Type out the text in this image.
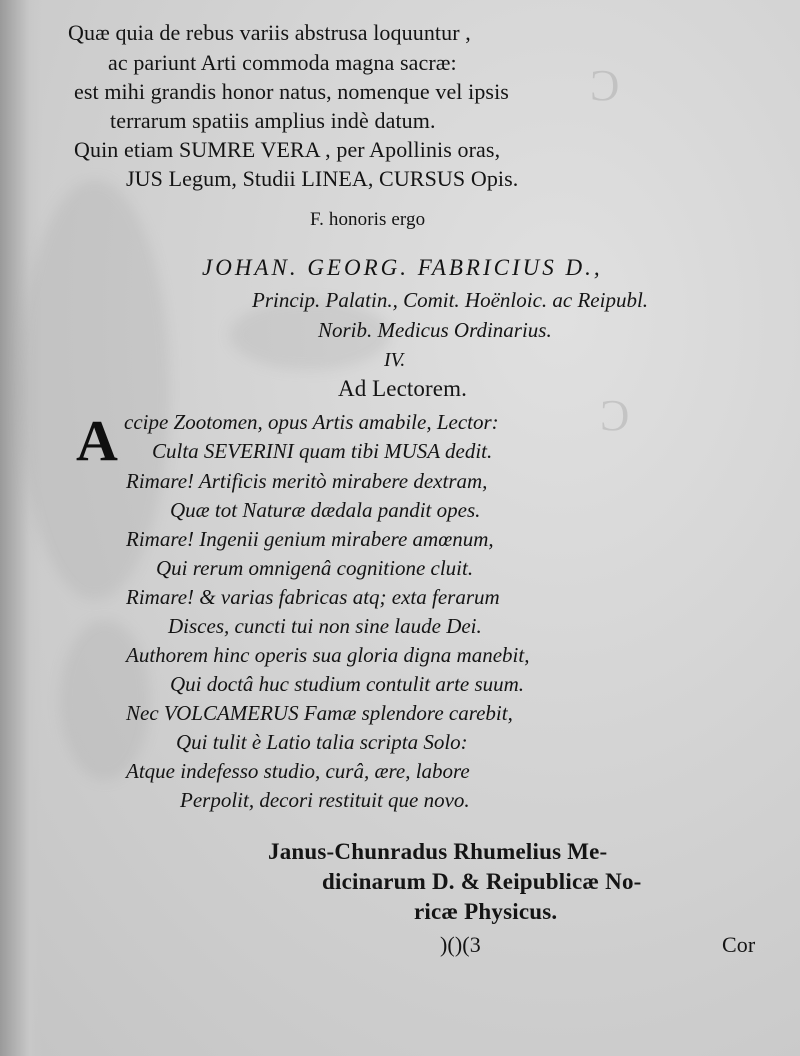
C
C
Quæ quia de rebus variis abstrusa loquuntur ,
ac pariunt Arti commoda magna sacræ:
est mihi grandis honor natus, nomenque vel ipsis
terrarum spatiis amplius indè datum.
Quin etiam SUMRE VERA , per Apollinis oras,
JUS Legum, Studii LINEA, CURSUS Opis.
F. honoris ergo
JOHAN. GEORG. FABRICIUS D.,
Princip. Palatin., Comit. Hoënloic. ac Reipubl.
Norib. Medicus Ordinarius.
IV.
Ad Lectorem.
A ccipe Zootomen, opus Artis amabile, Lector:
Culta SEVERINI quam tibi MUSA dedit.
Rimare! Artificis meritò mirabere dextram,
Quæ tot Naturæ dædala pandit opes.
Rimare! Ingenii genium mirabere amœnum,
Qui rerum omnigenâ cognitione cluit.
Rimare! & varias fabricas atq; exta ferarum
Disces, cuncti tui non sine laude Dei.
Authorem hinc operis sua gloria digna manebit,
Qui doctâ huc studium contulit arte suum.
Nec VOLCAMERUS Famæ splendore carebit,
Qui tulit è Latio talia scripta Solo:
Atque indefesso studio, curâ, ære, labore
Perpolit, decori restituit que novo.
Janus-Chunradus Rhumelius Me-
dicinarum D. & Reipublicæ No-
ricæ Physicus.
)()(3	Cor
